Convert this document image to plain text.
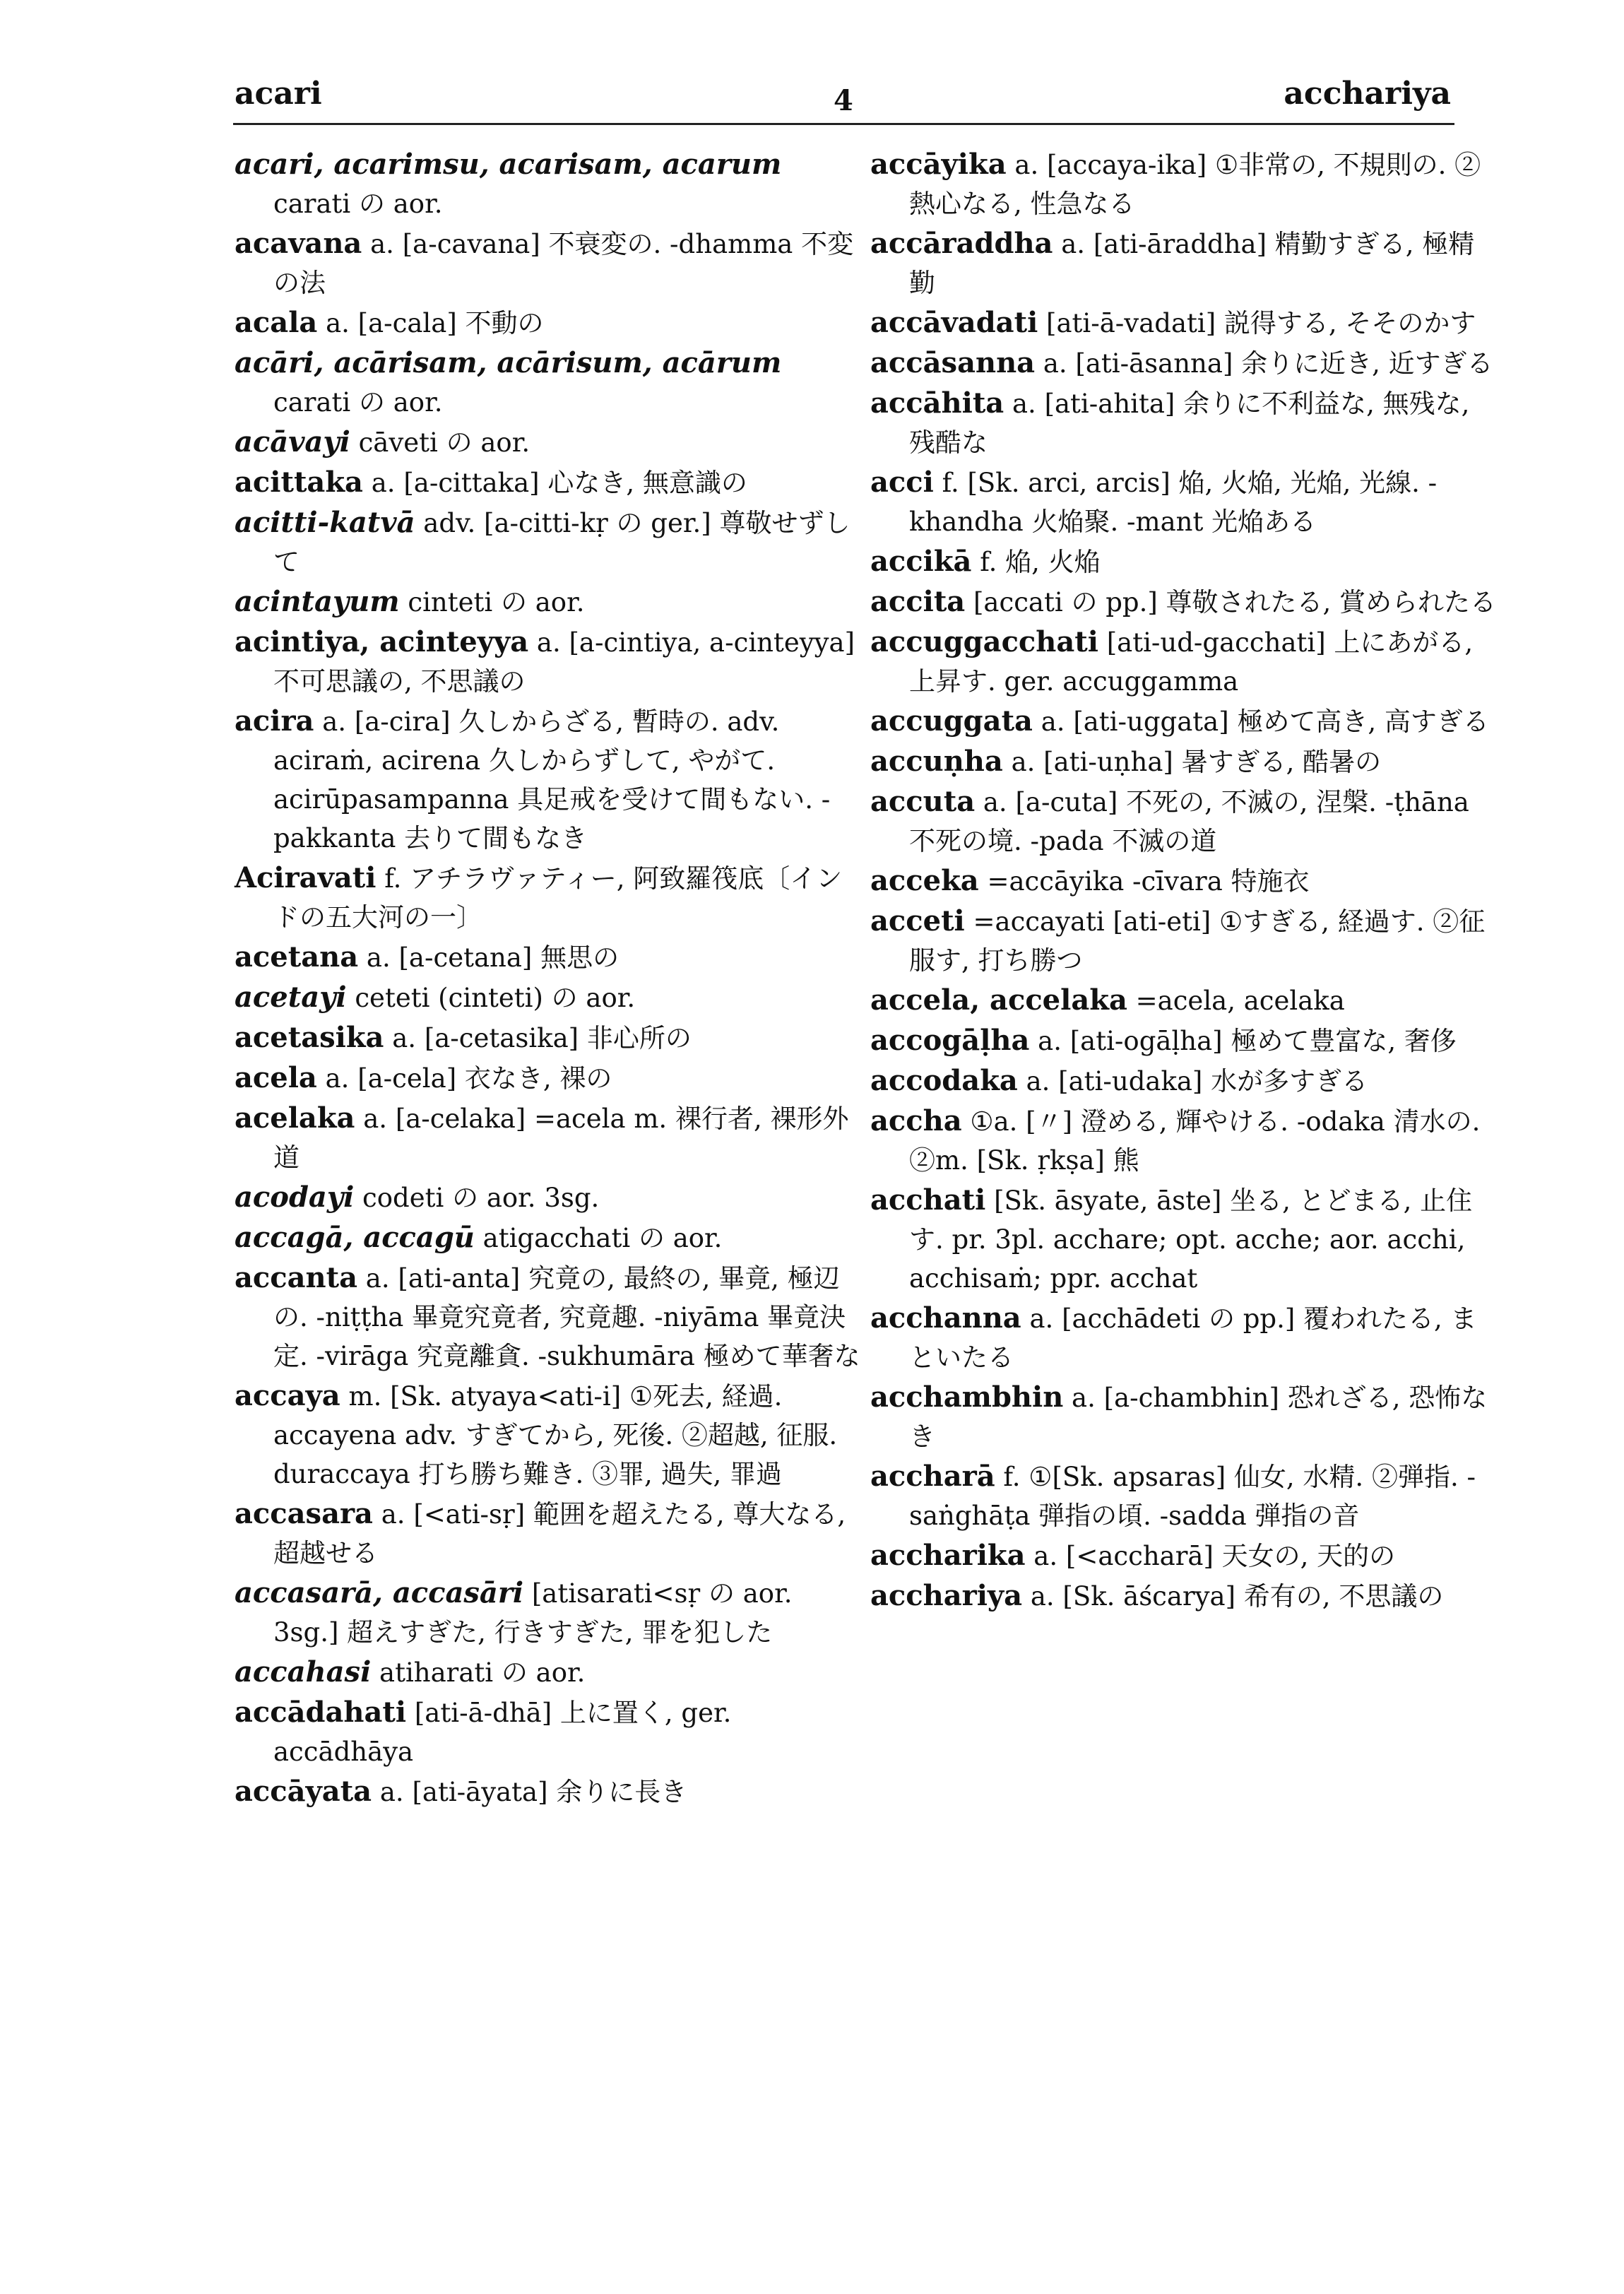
acari	4	acchariya
acari, acarimsu, acarisam, acarum carati の aor.
acavana a. [a-cavana] 不衰変の. -dhamma 不変の法
acala a. [a-cala] 不動の
acāri, acārisam, acārisum, acārum carati の aor.
acāvayi cāveti の aor.
acittaka a. [a-cittaka] 心なき, 無意識の
acitti-katvā adv. [a-citti-kṛ の ger.] 尊敬せずして
acintayum cinteti の aor.
acintiya, acinteyya a. [a-cintiya, a-cinteyya] 不可思議の, 不思議の
acira a. [a-cira] 久しからざる, 暫時の. adv. aciraṁ, acirena 久しからずして, やがて. acirūpasampanna 具足戒を受けて間もない. -pakkanta 去りて間もなき
Aciravati f. アチラヴァティー, 阿致羅筏底〔インドの五大河の一〕
acetana a. [a-cetana] 無思の
acetayi ceteti (cinteti) の aor.
acetasika a. [a-cetasika] 非心所の
acela a. [a-cela] 衣なき, 裸の
acelaka a. [a-celaka] =acela m. 裸行者, 裸形外道
acodayi codeti の aor. 3sg.
accagā, accagū atigacchati の aor.
accanta a. [ati-anta] 究竟の, 最終の, 畢竟, 極辺の. -niṭṭha 畢竟究竟者, 究竟趣. -niyāma 畢竟決定. -virāga 究竟離貪. -sukhumāra 極めて華奢な
accaya m. [Sk. atyaya<ati-i] ①死去, 経過. accayena adv. すぎてから, 死後. ②超越, 征服. duraccaya 打ち勝ち難き. ③罪, 過失, 罪過
accasara a. [<ati-sṛ] 範囲を超えたる, 尊大なる, 超越せる
accasarā, accasāri [atisarati<sṛ の aor. 3sg.] 超えすぎた, 行きすぎた, 罪を犯した
accahasi atiharati の aor.
accādahati [ati-ā-dhā] 上に置く, ger. accādhāya
accāyata a. [ati-āyata] 余りに長き
accāyika a. [accaya-ika] ①非常の, 不規則の. ②熱心なる, 性急なる
accāraddha a. [ati-āraddha] 精勤すぎる, 極精勤
accāvadati [ati-ā-vadati] 説得する, そそのかす
accāsanna a. [ati-āsanna] 余りに近き, 近すぎる
accāhita a. [ati-ahita] 余りに不利益な, 無残な, 残酷な
acci f. [Sk. arci, arcis] 焔, 火焔, 光焔, 光線. -khandha 火焔聚. -mant 光焔ある
accikā f. 焔, 火焔
accita [accati の pp.] 尊敬されたる, 賞められたる
accuggacchati [ati-ud-gacchati] 上にあがる, 上昇す. ger. accuggamma
accuggata a. [ati-uggata] 極めて高き, 高すぎる
accuṇha a. [ati-uṇha] 暑すぎる, 酷暑の
accuta a. [a-cuta] 不死の, 不滅の, 涅槃. -ṭhāna 不死の境. -pada 不滅の道
acceka =accāyika -cīvara 特施衣
acceti =accayati [ati-eti] ①すぎる, 経過す. ②征服す, 打ち勝つ
accela, accelaka =acela, acelaka
accogāḷha a. [ati-ogāḷha] 極めて豊富な, 奢侈
accodaka a. [ati-udaka] 水が多すぎる
accha ①a. [〃] 澄める, 輝やける. -odaka 清水の. ②m. [Sk. ṛkṣa] 熊
acchati [Sk. āsyate, āste] 坐る, とどまる, 止住す. pr. 3pl. acchare; opt. acche; aor. acchi, acchisaṁ; ppr. acchat
acchanna a. [acchādeti の pp.] 覆われたる, まといたる
acchambhin a. [a-chambhin] 恐れざる, 恐怖なき
accharā f. ①[Sk. apsaras] 仙女, 水精. ②弾指. -saṅghāṭa 弾指の頃. -sadda 弾指の音
accharika a. [<accharā] 天女の, 天的の
acchariya a. [Sk. āścarya] 希有の, 不思議の
